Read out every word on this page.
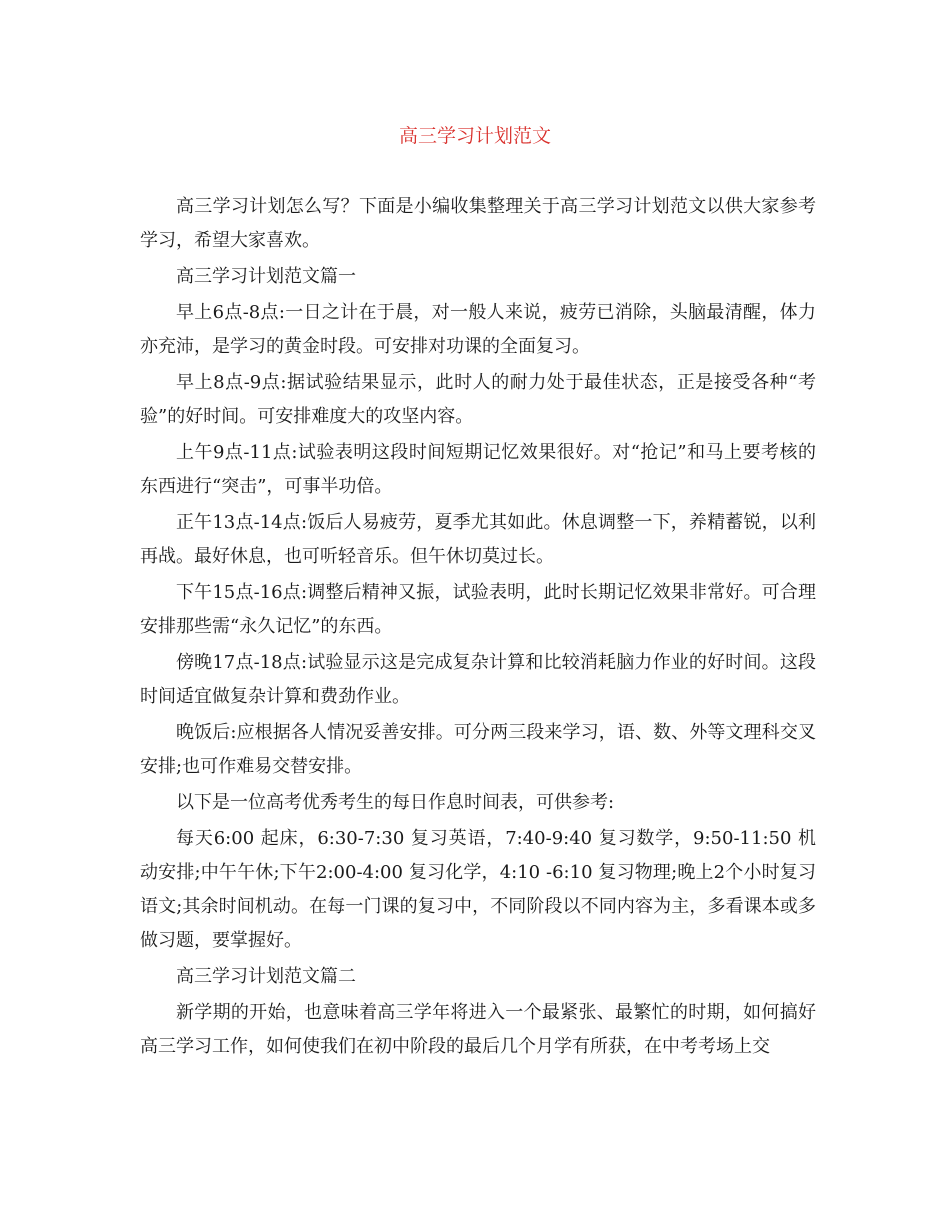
高三学习计划范文

高三学习计划怎么写？下面是小编收集整理关于高三学习计划范文以供大家参考学习，希望大家喜欢。

高三学习计划范文篇一

早上6点-8点:一日之计在于晨，对一般人来说，疲劳已消除，头脑最清醒，体力亦充沛，是学习的黄金时段。可安排对功课的全面复习。

早上8点-9点:据试验结果显示，此时人的耐力处于最佳状态，正是接受各种“考验”的好时间。可安排难度大的攻坚内容。

上午9点-11点:试验表明这段时间短期记忆效果很好。对“抢记”和马上要考核的东西进行“突击”，可事半功倍。

正午13点-14点:饭后人易疲劳，夏季尤其如此。休息调整一下，养精蓄锐，以利再战。最好休息，也可听轻音乐。但午休切莫过长。

下午15点-16点:调整后精神又振，试验表明，此时长期记忆效果非常好。可合理安排那些需“永久记忆”的东西。

傍晚17点-18点:试验显示这是完成复杂计算和比较消耗脑力作业的好时间。这段时间适宜做复杂计算和费劲作业。

晚饭后:应根据各人情况妥善安排。可分两三段来学习，语、数、外等文理科交叉安排;也可作难易交替安排。

以下是一位高考优秀考生的每日作息时间表，可供参考:

每天6:00 起床，6:30-7:30 复习英语，7:40-9:40 复习数学，9:50-11:50 机动安排;中午午休;下午2:00-4:00 复习化学，4:10 -6:10 复习物理;晚上2个小时复习语文;其余时间机动。在每一门课的复习中，不同阶段以不同内容为主，多看课本或多做习题，要掌握好。

高三学习计划范文篇二

新学期的开始，也意味着高三学年将进入一个最紧张、最繁忙的时期，如何搞好高三学习工作，如何使我们在初中阶段的最后几个月学有所获，在中考考场上交
